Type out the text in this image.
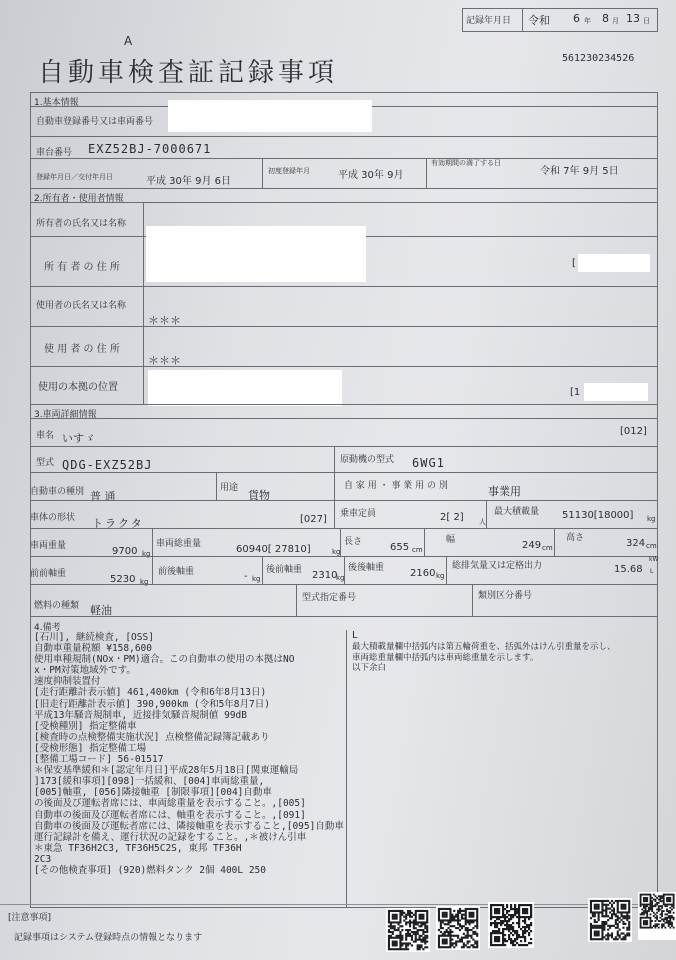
記録年月日 令和 6 年 8 月 13 日
A
自動車検査証記録事項	561230234526
1.基本情報
自動車登録番号又は車両番号
車台番号 EXZ52BJ-7000671
登録年月日／交付年月日	平成 30年 9月 6日
初度登録年月	平成 30年 9月
有効期間の満了する日
令和 7年 9月 5日
2.所有者・使用者情報
所有者の氏名又は名称
所 有 者 の 住 所	[
使用者の氏名又は名称
＊＊＊
使 用 者 の 住 所
＊＊＊
使用の本拠の位置	[1
3.車両詳細情報
車名 いすゞ
[012]
型式 QDG-EXZ52BJ	原動機の型式 6WG1
自動車の種別 普 通
用途
貨物
自 家 用 ・ 事 業 用 の 別	事業用
車体の形状 トラクタ	[027] 乗車定員	2[ 2] 人
最大積載量 51130[18000] kg
車両重量	9700 kg
車両総重量	60940[ 27810]	kg
長さ	655 cm
幅	249 cm
高さ	324 cm
前前軸重	5230 kg
前後軸重	- kg
後前軸重 2310
kg
後後軸重	2160 kg
総排気量又は定格出力	15.68
kW
L
燃料の種類 軽油
型式指定番号	類別区分番号
4.備考
[石川], 継続検査, [OSS]
自動車重量税額 ¥158,600
使用車種規制(NOx・PM)適合。この自動車の使用の本拠はNO
x・PM対策地域外です。
速度抑制装置付
[走行距離計表示値] 461,400km (令和6年8月13日)
[旧走行距離計表示値] 390,900km (令和5年8月7日)
平成13年騒音規制車, 近接排気騒音規制値 99dB
[受検種別] 指定整備車
[検査時の点検整備実施状況] 点検整備記録簿記載あり
[受検形態] 指定整備工場
[整備工場コード] 56-01517
＊保安基準緩和＊[認定年月日]平成28年5月18日[関東運輸局
]173[緩和事項][098]一括緩和、[004]車両総重量,
[005]軸重, [056]隣接軸重 [制限事項][004]自動車
の後面及び運転者席には、車両総重量を表示すること。,[005]
自動車の後面及び運転者席には、軸重を表示すること。,[091]
自動車の後面及び運転者席には、隣接軸重を表示すること,[095]自動車
運行記録計を備え、運行状況の記録をすること。,＊被けん引車
＊東急 TF36H2C3, TF36H5C2S, 東邦 TF36H
2C3
[その他検査事項] (920)燃料タンク 2個 400L 250
L
最大積載量欄中括弧内は第五輪荷重を、括弧外はけん引重量を示し、
車両総重量欄中括弧内は車両総重量を示します。
以下余白
[注意事項]
記録事項はシステム登録時点の情報となります
